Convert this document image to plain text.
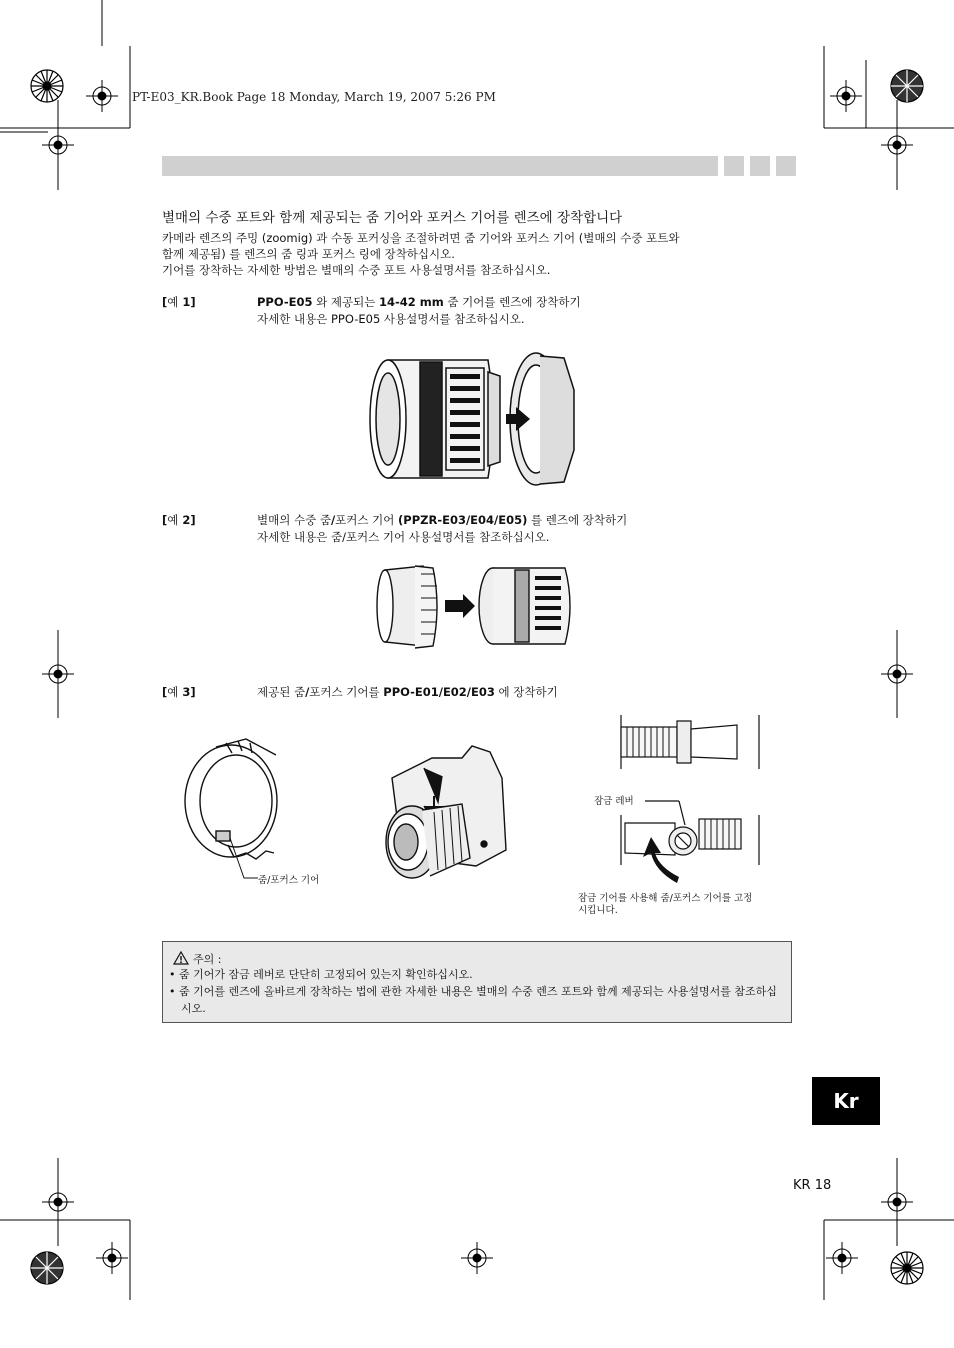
PT-E03_KR.Book Page 18 Monday, March 19, 2007 5:26 PM
별매의 수중 포트와 함께 제공되는 줌 기어와 포커스 기어를 렌즈에 장착합니다
카메라 렌즈의 주밍 (zoomig) 과 수동 포커싱을 조절하려면 줌 기어와 포커스 기어 (별매의 수중 포트와
함께 제공됨) 를 렌즈의 줌 링과 포커스 링에 장착하십시오.
기어를 장착하는 자세한 방법은 별매의 수중 포트 사용설명서를 참조하십시오.
[예 1]	PPO-E05 와 제공되는 14-42 mm 줌 기어를 렌즈에 장착하기
자세한 내용은 PPO-E05 사용설명서를 참조하십시오.
[예 2]	별매의 수중 줌/포커스 기어 (PPZR-E03/E04/E05) 를 렌즈에 장착하기
자세한 내용은 줌/포커스 기어 사용설명서를 참조하십시오.
[예 3]	제공된 줌/포커스 기어를 PPO-E01/E02/E03 에 장착하기
줌/포커스 기어
잠금 레버
잠금 기어를 사용해 줌/포커스 기어를 고정
시킵니다.
주의 :
• 줌 기어가 잠금 레버로 단단히 고정되어 있는지 확인하십시오.
• 줌 기어를 렌즈에 올바르게 장착하는 법에 관한 자세한 내용은 별매의 수중 렌즈 포트와 함께 제공되는 사용설명서를 참조하십시오.
Kr
KR 18
